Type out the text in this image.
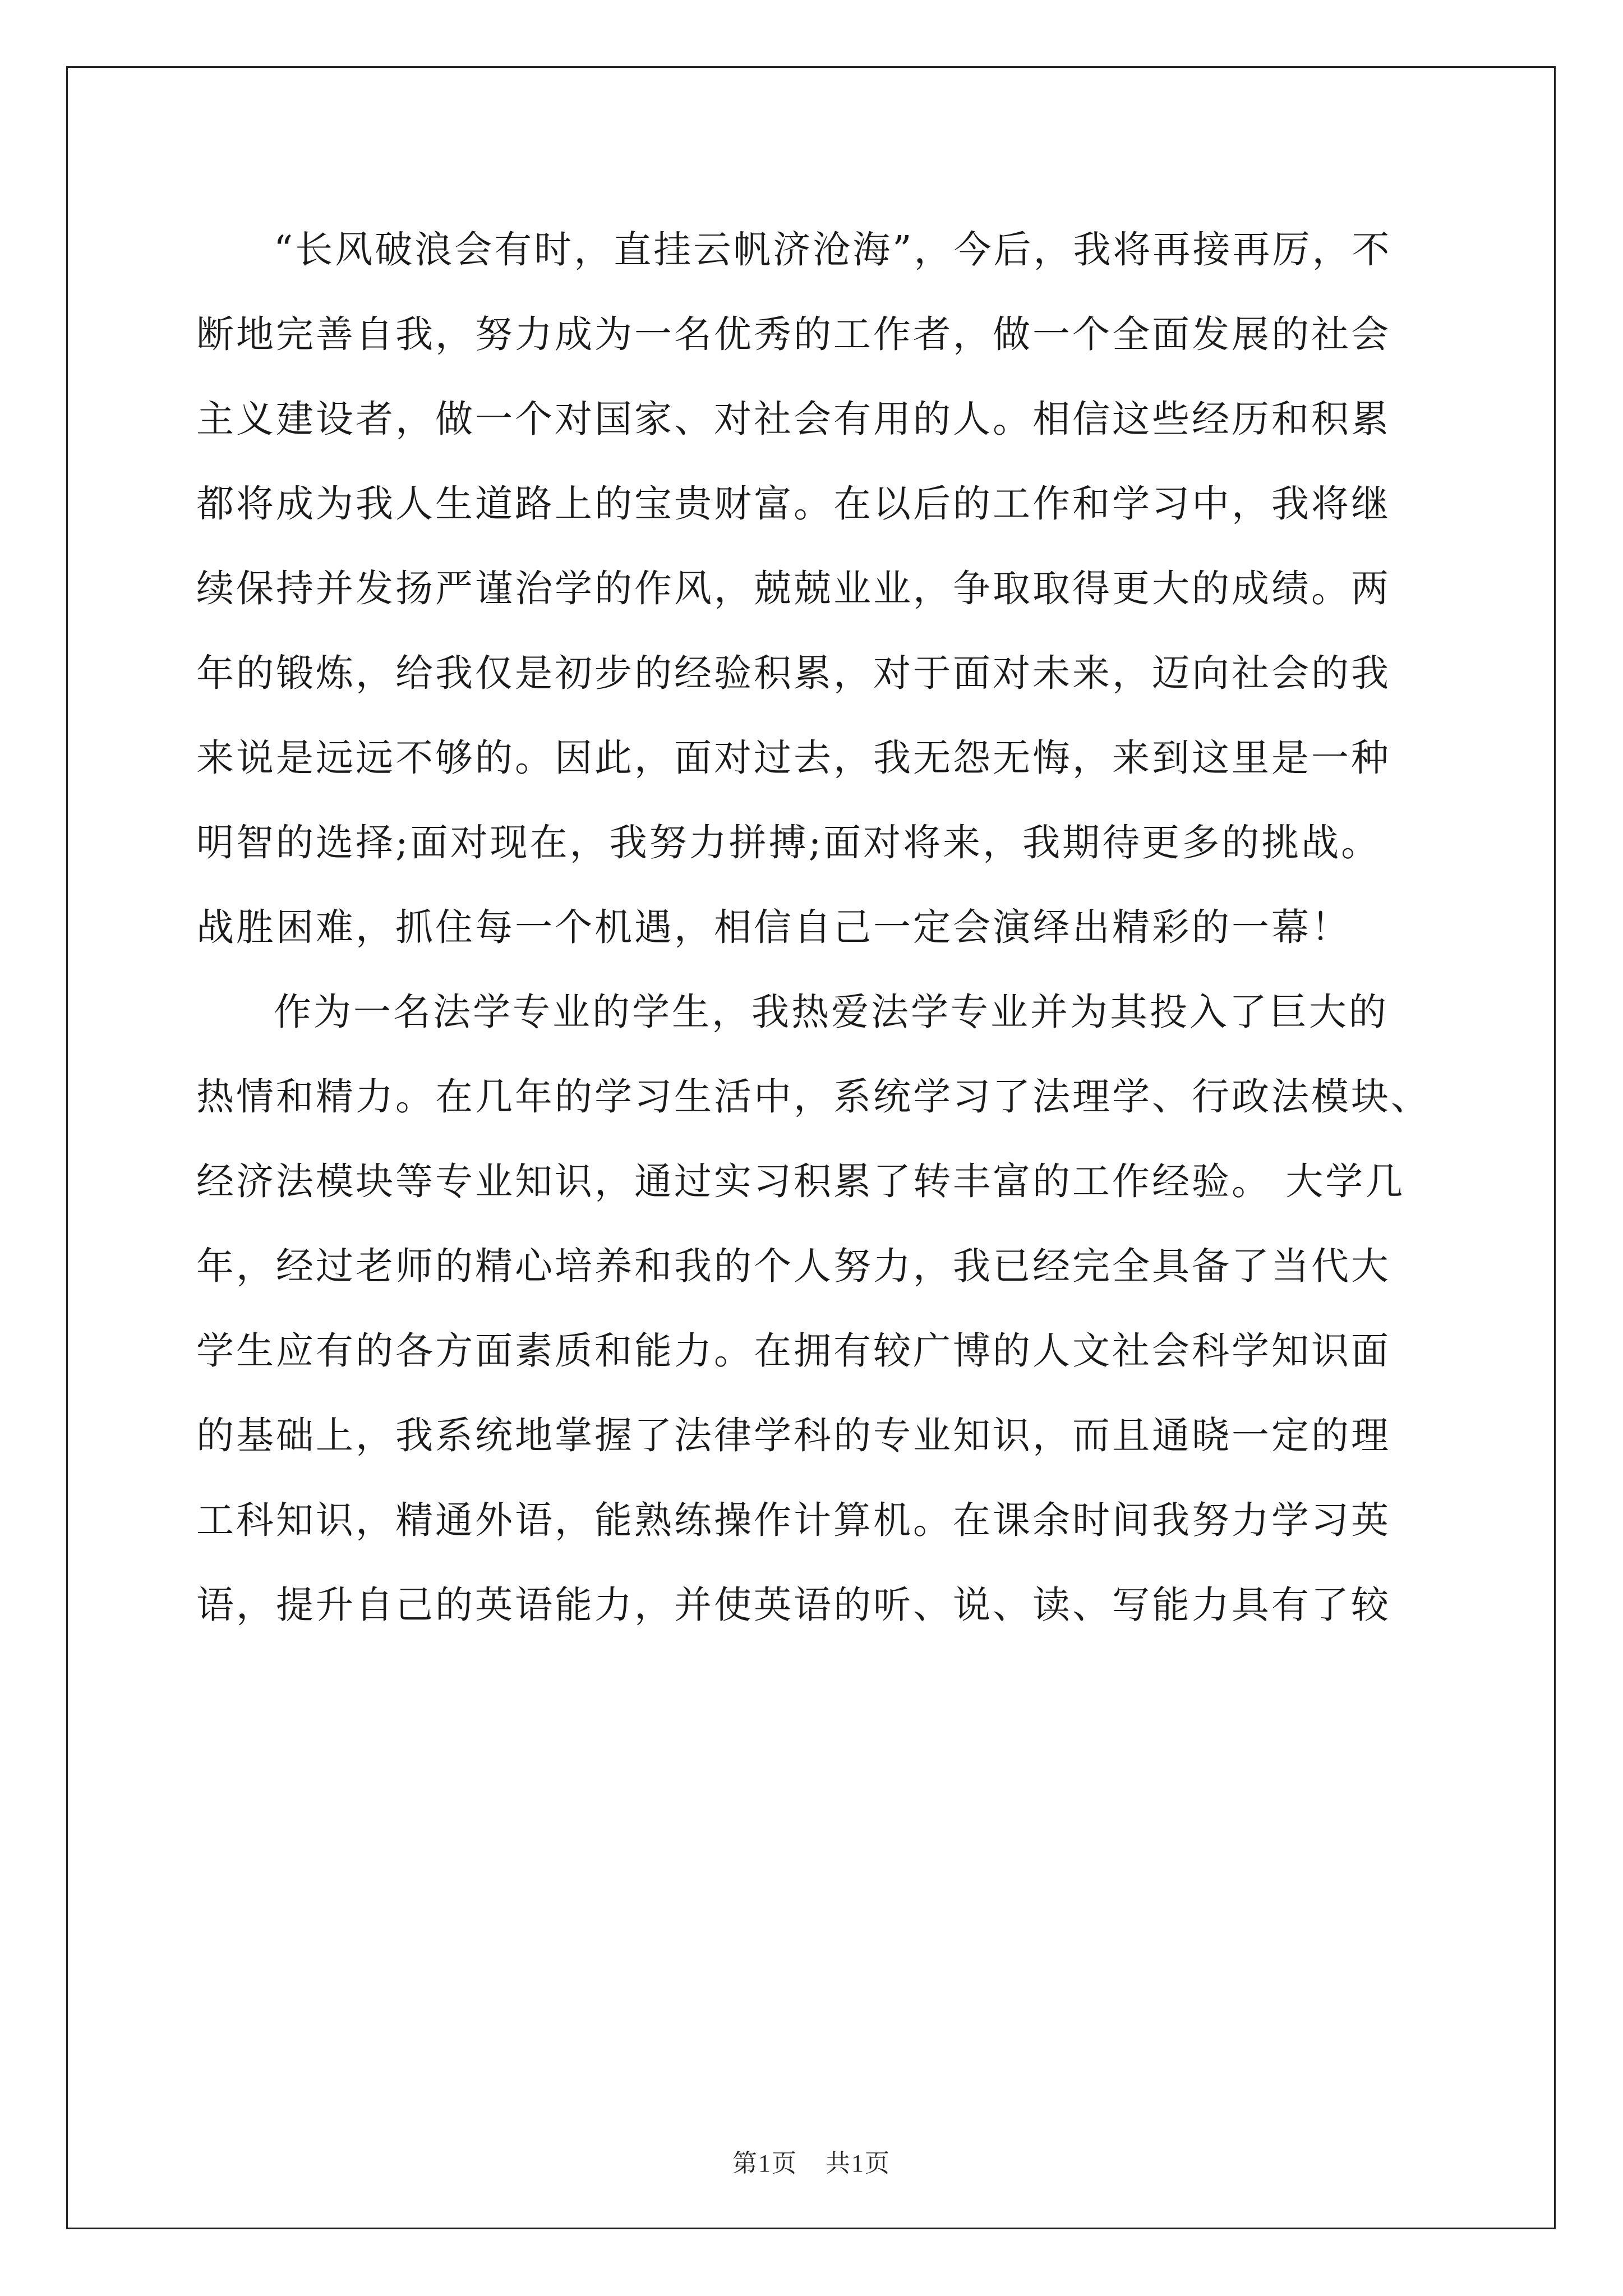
“长风破浪会有时，直挂云帆济沧海”，今后，我将再接再厉，不
断地完善自我，努力成为一名优秀的工作者，做一个全面发展的社会
主义建设者，做一个对国家、对社会有用的人。相信这些经历和积累
都将成为我人生道路上的宝贵财富。在以后的工作和学习中，我将继
续保持并发扬严谨治学的作风，兢兢业业，争取取得更大的成绩。两
年的锻炼，给我仅是初步的经验积累，对于面对未来，迈向社会的我
来说是远远不够的。因此，面对过去，我无怨无悔，来到这里是一种
明智的选择;面对现在，我努力拼搏;面对将来，我期待更多的挑战。
战胜困难，抓住每一个机遇，相信自己一定会演绎出精彩的一幕！
作为一名法学专业的学生，我热爱法学专业并为其投入了巨大的
热情和精力。在几年的学习生活中，系统学习了法理学、行政法模块、
经济法模块等专业知识，通过实习积累了转丰富的工作经验。 大学几
年，经过老师的精心培养和我的个人努力，我已经完全具备了当代大
学生应有的各方面素质和能力。在拥有较广博的人文社会科学知识面
的基础上，我系统地掌握了法律学科的专业知识，而且通晓一定的理
工科知识，精通外语，能熟练操作计算机。在课余时间我努力学习英
语，提升自己的英语能力，并使英语的听、说、读、写能力具有了较
第1页 共1页
